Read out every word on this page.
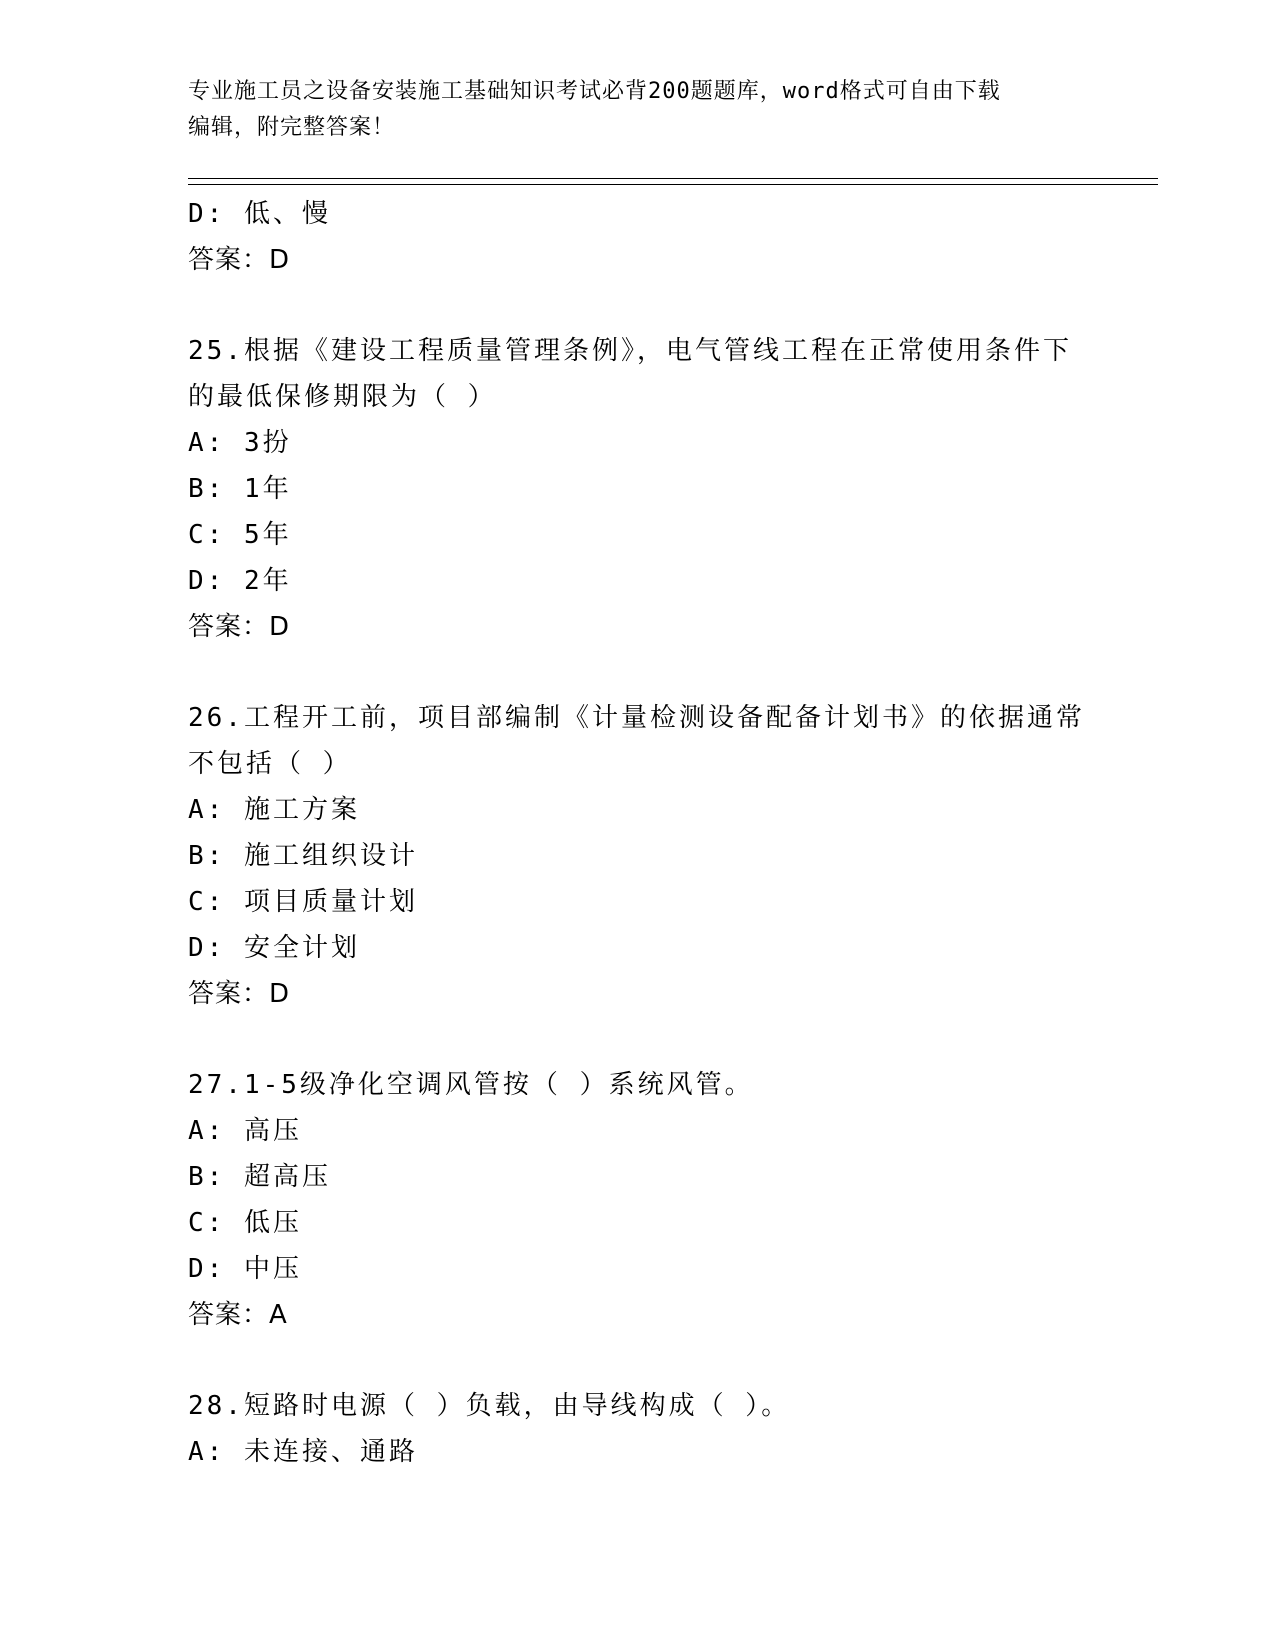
专业施工员之设备安装施工基础知识考试必背200题题库，word格式可自由下载
编辑，附完整答案！
D: 低、慢
答案：D
25.根据《建设工程质量管理条例》，电气管线工程在正常使用条件下
的最低保修期限为（ ）
A: 3扮
B: 1年
C: 5年
D: 2年
答案：D
26.工程开工前，项目部编制《计量检测设备配备计划书》的依据通常
不包括（ ）
A: 施工方案
B: 施工组织设计
C: 项目质量计划
D: 安全计划
答案：D
27.1-5级净化空调风管按（ ）系统风管。
A: 高压
B: 超高压
C: 低压
D: 中压
答案：A
28.短路时电源（ ）负载，由导线构成（ ）。
A: 未连接、通路
